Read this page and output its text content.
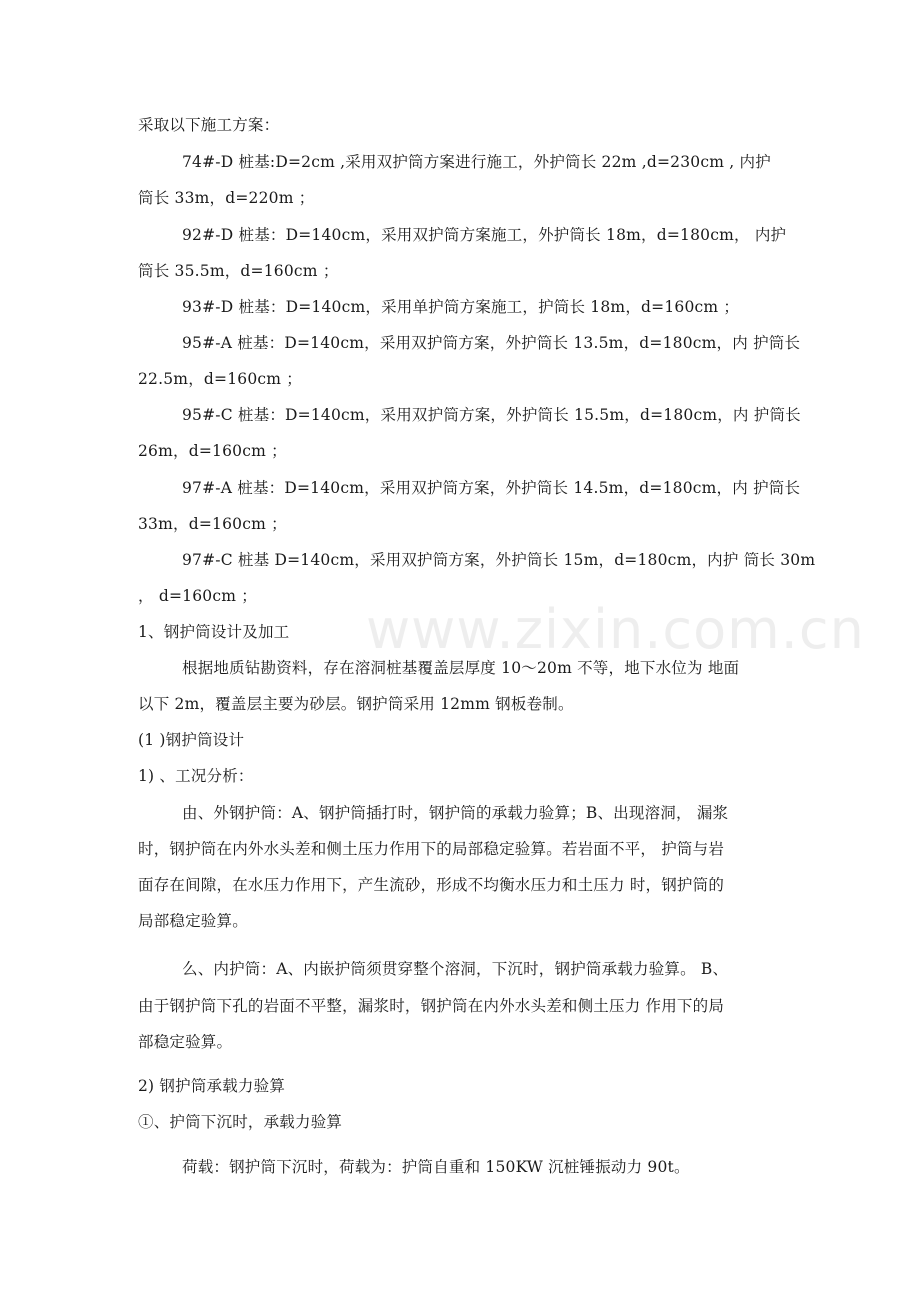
采取以下施工方案：
74#-D 桩基:D=2cm ,采用双护筒方案进行施工，外护筒长 22m ,d=230cm , 内护
筒长 33m，d=220m ；
92#-D 桩基：D=140cm，采用双护筒方案施工，外护筒长 18m，d=180cm， 内护
筒长 35.5m，d=160cm ；
93#-D 桩基：D=140cm，采用单护筒方案施工，护筒长 18m，d=160cm ；
95#-A 桩基：D=140cm，采用双护筒方案，外护筒长 13.5m，d=180cm，内 护筒长
22.5m，d=160cm ；
95#-C 桩基：D=140cm，采用双护筒方案，外护筒长 15.5m，d=180cm，内 护筒长
26m，d=160cm ；
97#-A 桩基：D=140cm，采用双护筒方案，外护筒长 14.5m，d=180cm，内 护筒长
33m，d=160cm ；
97#-C 桩基 D=140cm，采用双护筒方案，外护筒长 15m，d=180cm，内护 筒长 30m
， d=160cm ；
1、钢护筒设计及加工
根据地质钻勘资料，存在溶洞桩基覆盖层厚度 10～20m 不等，地下水位为 地面
以下 2m，覆盖层主要为砂层。钢护筒采用 12mm 钢板卷制。
(1 )钢护筒设计
1) 、工况分析：
由、外钢护筒：A、钢护筒插打时，钢护筒的承载力验算；B、出现溶洞， 漏浆
时，钢护筒在内外水头差和侧土压力作用下的局部稳定验算。若岩面不平， 护筒与岩
面存在间隙，在水压力作用下，产生流砂，形成不均衡水压力和土压力 时，钢护筒的
局部稳定验算。
么、内护筒：A、内嵌护筒须贯穿整个溶洞，下沉时，钢护筒承载力验算。 B、
由于钢护筒下孔的岩面不平整，漏浆时，钢护筒在内外水头差和侧土压力 作用下的局
部稳定验算。
2) 钢护筒承载力验算
①、护筒下沉时，承载力验算
荷载：钢护筒下沉时，荷载为：护筒自重和 150KW 沉桩锤振动力 90t。
www.zixin.com.cn
